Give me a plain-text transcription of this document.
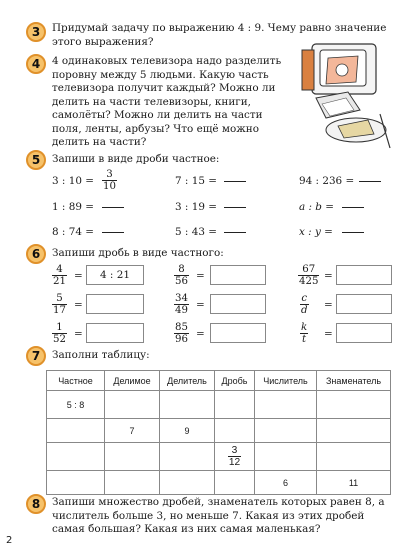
3	Придумай задачу по выражению 4 : 9. Чему равно значение этого выражения?
4	4 одинаковых телевизора надо разделить поровну между 5 людьми. Какую часть телевизора получит каждый? Можно ли делить на части телевизоры, книги, самолёты? Можно ли делить на части поля, ленты, арбузы? Что ещё можно делить на части?
5	Запиши в виде дроби частное:
3 : $10 = \frac{3}{10}$	7 : 15 =	94 : 236 =
1 : 89 =	3 : 19 =	a : b =
8 : 74 =	5 : 43 =	x : y =
6	Запиши дробь в виде частного:
$\frac{4}{21}$ =	4 : 21	$\frac{8}{56}$ =	$\frac{67}{425}$ =
$\frac{5}{17}$ =	$\frac{34}{49}$ =	$\frac{c}{d}$ =
$\frac{1}{52}$ =	$\frac{85}{96}$ =	$\frac{k}{t}$ =
7	Заполни таблицу:
Частное	Делимое	Делитель	Дробь	Числитель	Знаменатель
5 : 8					
	7	9			

			$\frac{3}{12}$

				6	11
8	Запиши множество дробей, знаменатель которых равен 8, а числитель больше 3, но меньше 7. Какая из этих дробей самая большая? Какая из них самая маленькая?
2
